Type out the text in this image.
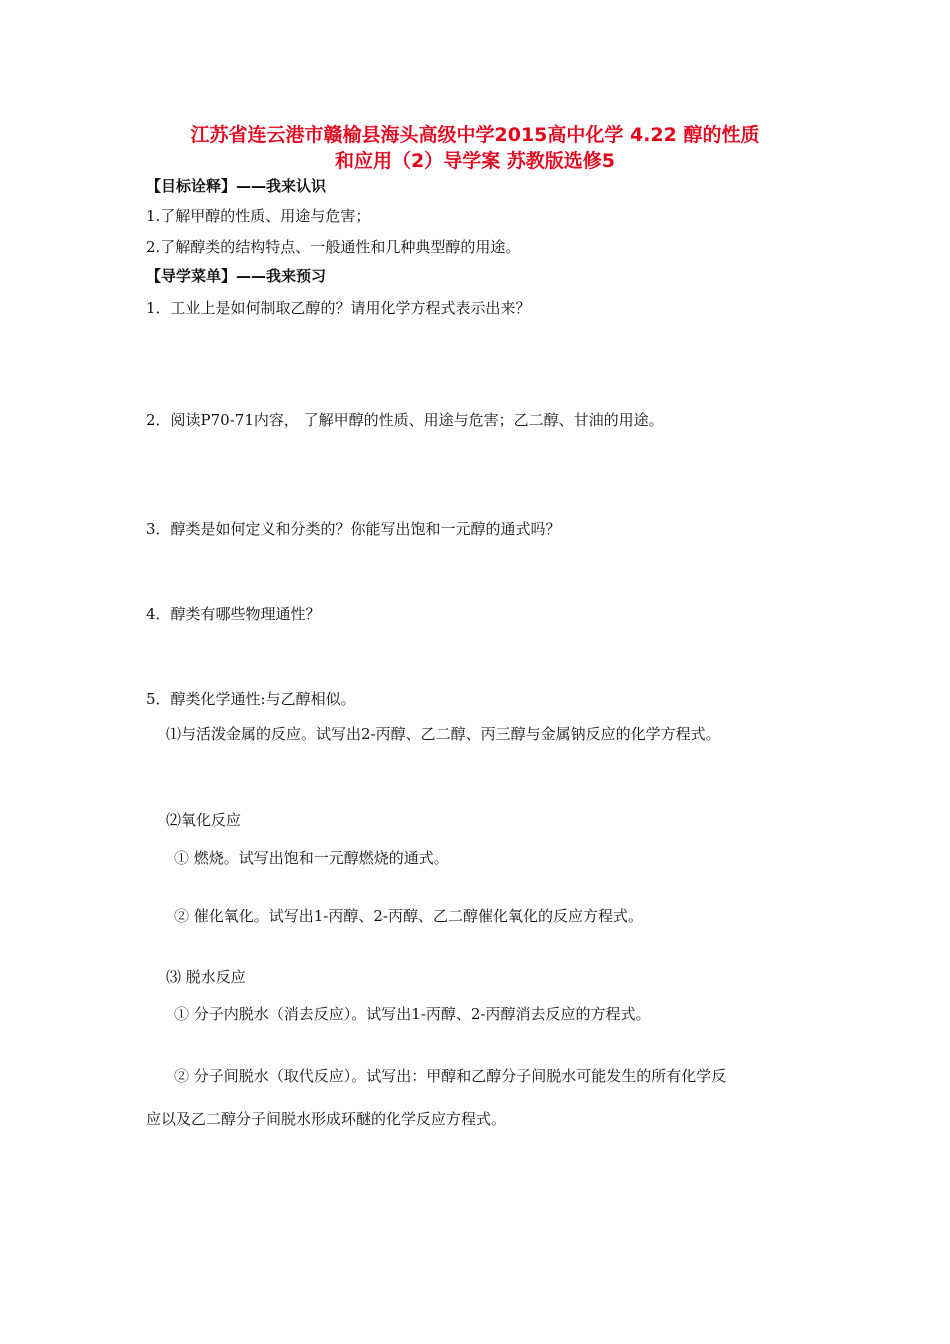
江苏省连云港市赣榆县海头高级中学2015高中化学 4.22 醇的性质
和应用（2）导学案 苏教版选修5
【目标诠释】——我来认识
1.了解甲醇的性质、用途与危害；
2.了解醇类的结构特点、一般通性和几种典型醇的用途。
【导学菜单】——我来预习
1．工业上是如何制取乙醇的？请用化学方程式表示出来？
2．阅读P70-71内容， 了解甲醇的性质、用途与危害；乙二醇、甘油的用途。
3．醇类是如何定义和分类的？你能写出饱和一元醇的通式吗？
4．醇类有哪些物理通性？
5．醇类化学通性:与乙醇相似。
⑴与活泼金属的反应。试写出2-丙醇、乙二醇、丙三醇与金属钠反应的化学方程式。
⑵氧化反应
① 燃烧。试写出饱和一元醇燃烧的通式。
② 催化氧化。试写出1-丙醇、2-丙醇、乙二醇催化氧化的反应方程式。
⑶ 脱水反应
① 分子内脱水（消去反应）。试写出1-丙醇、2-丙醇消去反应的方程式。
② 分子间脱水（取代反应）。试写出：甲醇和乙醇分子间脱水可能发生的所有化学反
应以及乙二醇分子间脱水形成环醚的化学反应方程式。
